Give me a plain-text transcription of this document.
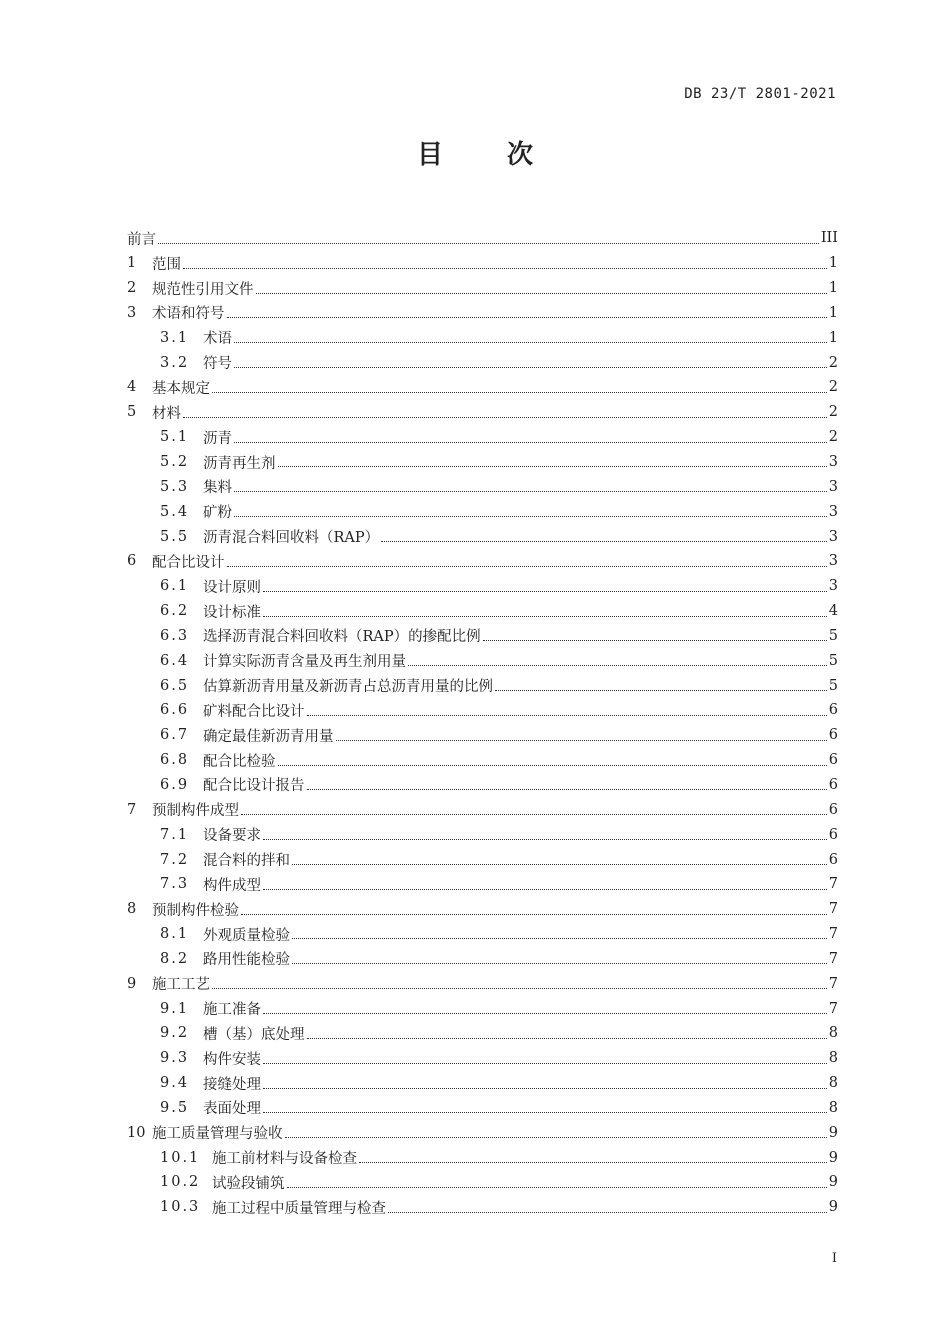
DB 23/T 2801-2021
目 次
前言	III
1	范围	1
2	规范性引用文件	1
3	术语和符号	1
3.1 术语	1
3.2 符号	2
4	基本规定	2
5	材料	2
5.1 沥青	2
5.2 沥青再生剂	3
5.3 集料	3
5.4 矿粉	3
5.5 沥青混合料回收料（RAP）	3
6	配合比设计	3
6.1 设计原则	3
6.2 设计标准	4
6.3 选择沥青混合料回收料（RAP）的掺配比例	5
6.4 计算实际沥青含量及再生剂用量	5
6.5 估算新沥青用量及新沥青占总沥青用量的比例	5
6.6 矿料配合比设计	6
6.7 确定最佳新沥青用量	6
6.8 配合比检验	6
6.9 配合比设计报告	6
7	预制构件成型	6
7.1 设备要求	6
7.2 混合料的拌和	6
7.3 构件成型	7
8	预制构件检验	7
8.1 外观质量检验	7
8.2 路用性能检验	7
9	施工工艺	7
9.1 施工准备	7
9.2 槽（基）底处理	8
9.3 构件安装	8
9.4 接缝处理	8
9.5 表面处理	8
10 施工质量管理与验收	9
10.1 施工前材料与设备检查	9
10.2 试验段铺筑	9
10.3 施工过程中质量管理与检查	9
I
